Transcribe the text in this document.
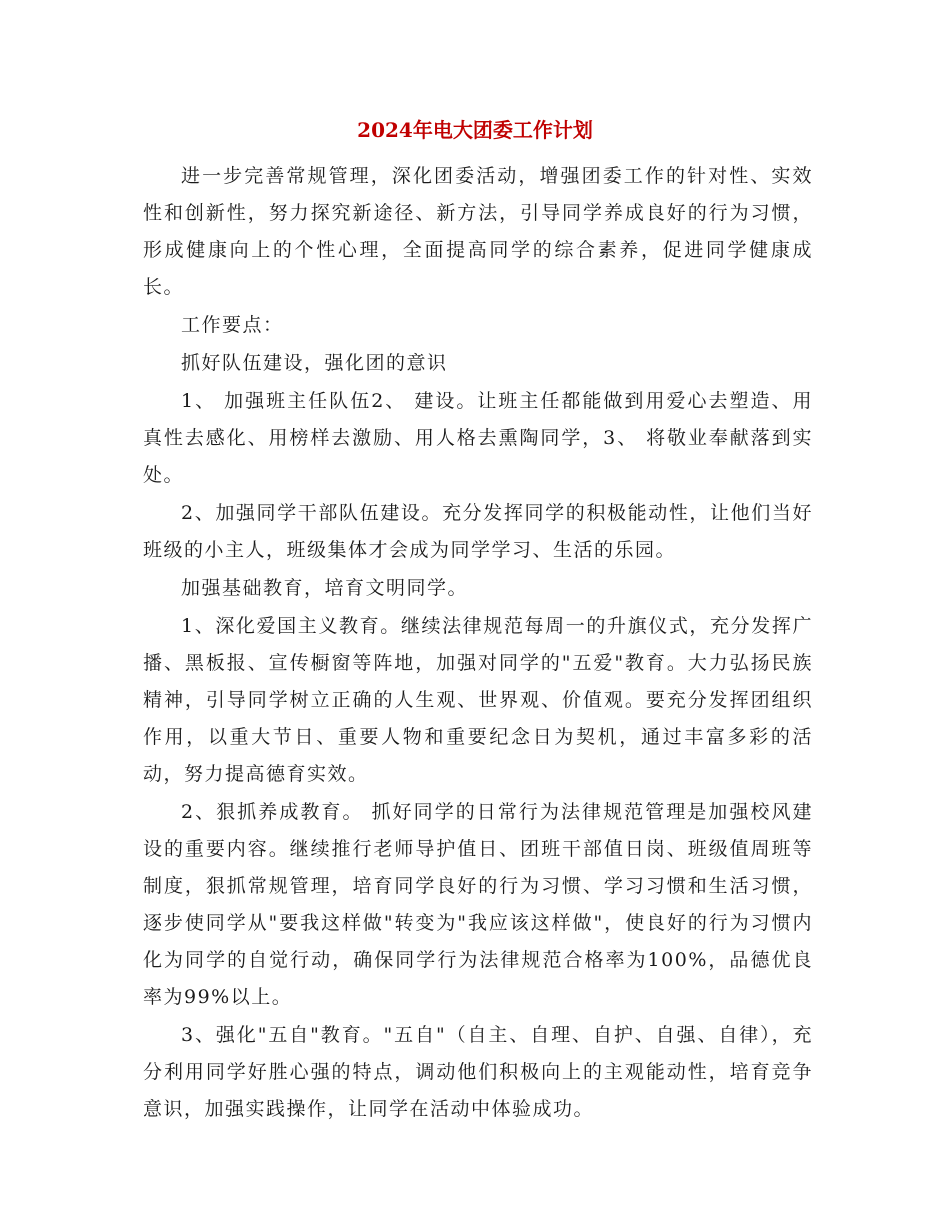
2024年电大团委工作计划

进一步完善常规管理，深化团委活动，增强团委工作的针对性、实效性和创新性，努力探究新途径、新方法，引导同学养成良好的行为习惯，形成健康向上的个性心理，全面提高同学的综合素养，促进同学健康成长。

工作要点：

抓好队伍建设，强化团的意识

1、 加强班主任队伍2、 建设。让班主任都能做到用爱心去塑造、用真性去感化、用榜样去激励、用人格去熏陶同学，3、 将敬业奉献落到实处。

2、加强同学干部队伍建设。充分发挥同学的积极能动性，让他们当好班级的小主人，班级集体才会成为同学学习、生活的乐园。

加强基础教育，培育文明同学。

1、深化爱国主义教育。继续法律规范每周一的升旗仪式，充分发挥广播、黑板报、宣传橱窗等阵地，加强对同学的"五爱"教育。大力弘扬民族精神，引导同学树立正确的人生观、世界观、价值观。要充分发挥团组织作用，以重大节日、重要人物和重要纪念日为契机，通过丰富多彩的活动，努力提高德育实效。

2、狠抓养成教育。 抓好同学的日常行为法律规范管理是加强校风建设的重要内容。继续推行老师导护值日、团班干部值日岗、班级值周班等制度，狠抓常规管理，培育同学良好的行为习惯、学习习惯和生活习惯，逐步使同学从"要我这样做"转变为"我应该这样做"，使良好的行为习惯内化为同学的自觉行动，确保同学行为法律规范合格率为100%，品德优良率为99%以上。

3、强化"五自"教育。"五自"（自主、自理、自护、自强、自律），充分利用同学好胜心强的特点，调动他们积极向上的主观能动性，培育竞争意识，加强实践操作，让同学在活动中体验成功。
